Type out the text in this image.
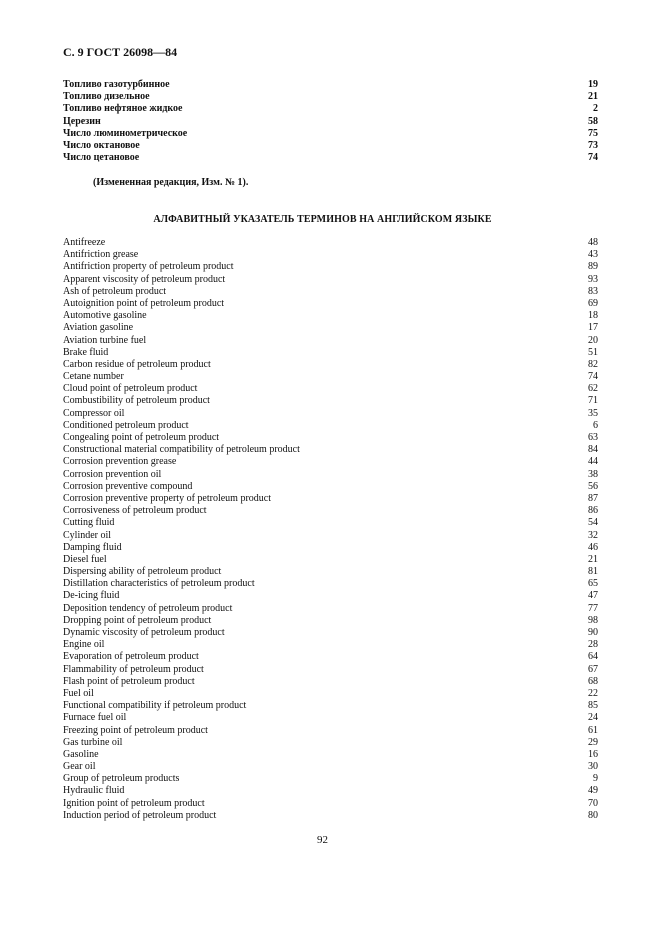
С. 9 ГОСТ 26098—84
Топливо газотурбинное	19
Топливо дизельное	21
Топливо нефтяное жидкое	2
Церезин	58
Число люминометрическое	75
Число октановое	73
Число цетановое	74
(Измененная редакция, Изм. № 1).
АЛФАВИТНЫЙ УКАЗАТЕЛЬ ТЕРМИНОВ НА АНГЛИЙСКОМ ЯЗЫКЕ
Antifreeze	48
Antifriction grease	43
Antifriction property of petroleum product	89
Apparent viscosity of petroleum product	93
Ash of petroleum product	83
Autoignition point of petroleum product	69
Automotive gasoline	18
Aviation gasoline	17
Aviation turbine fuel	20
Brake fluid	51
Carbon residue of petroleum product	82
Cetane number	74
Cloud point of petroleum product	62
Combustibility of petroleum product	71
Compressor oil	35
Conditioned petroleum product	6
Congealing point of petroleum product	63
Constructional material compatibility of petroleum product	84
Corrosion prevention grease	44
Corrosion prevention oil	38
Corrosion preventive compound	56
Corrosion preventive property of petroleum product	87
Corrosiveness of petroleum product	86
Cutting fluid	54
Cylinder oil	32
Damping fluid	46
Diesel fuel	21
Dispersing ability of petroleum product	81
Distillation characteristics of petroleum product	65
De-icing fluid	47
Deposition tendency of petroleum product	77
Dropping point of petroleum product	98
Dynamic viscosity of petroleum product	90
Engine oil	28
Evaporation of petroleum product	64
Flammability of petroleum product	67
Flash point of petroleum product	68
Fuel oil	22
Functional compatibility if petroleum product	85
Furnace fuel oil	24
Freezing point of petroleum product	61
Gas turbine oil	29
Gasoline	16
Gear oil	30
Group of petroleum products	9
Hydraulic fluid	49
Ignition point of petroleum product	70
Induction period of petroleum product	80
92
